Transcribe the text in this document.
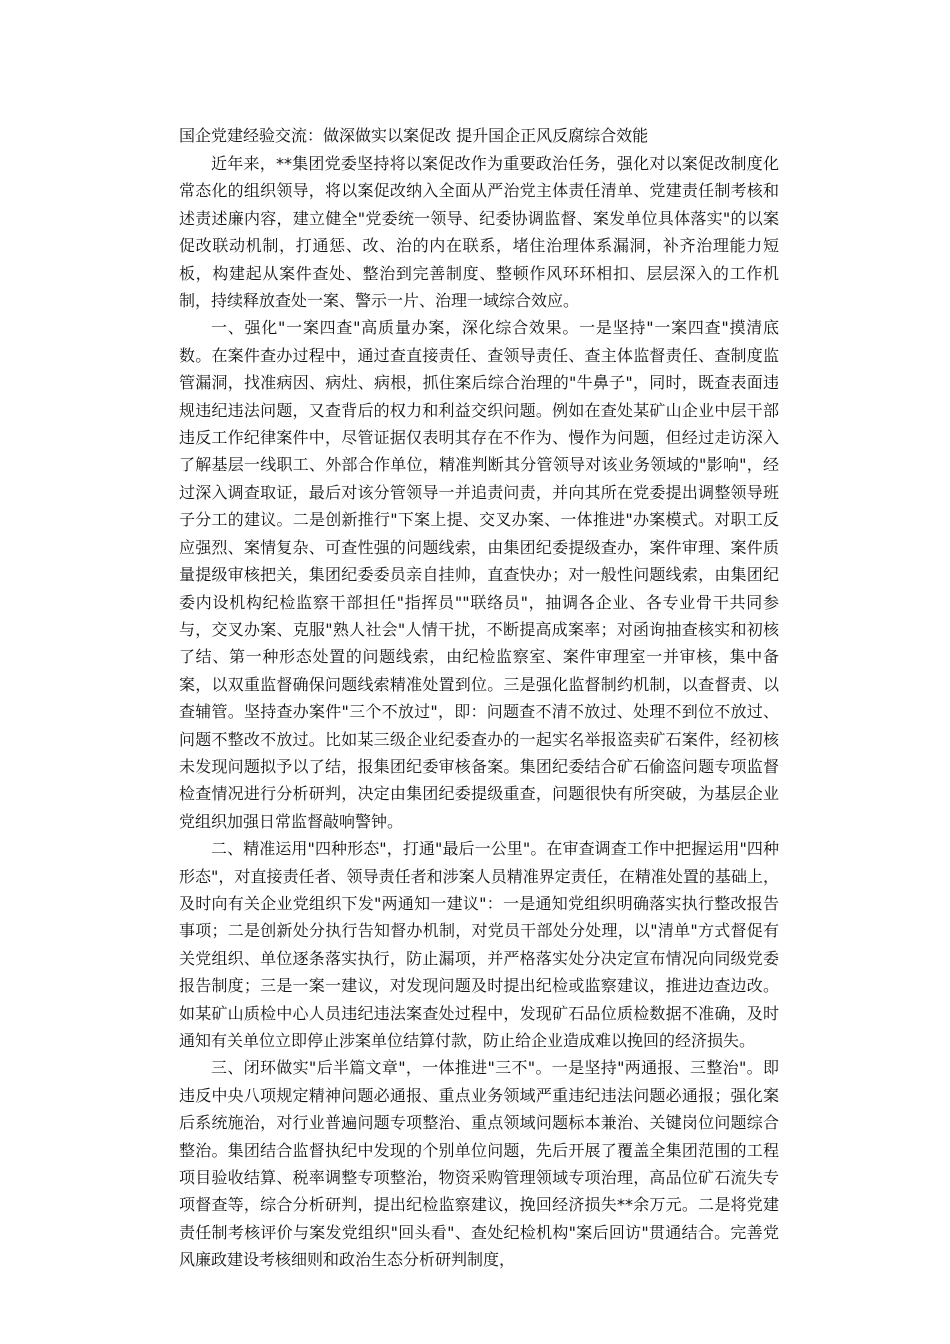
国企党建经验交流：做深做实以案促改 提升国企正风反腐综合效能

近年来，**集团党委坚持将以案促改作为重要政治任务，强化对以案促改制度化常态化的组织领导，将以案促改纳入全面从严治党主体责任清单、党建责任制考核和述责述廉内容，建立健全"党委统一领导、纪委协调监督、案发单位具体落实"的以案促改联动机制，打通惩、改、治的内在联系，堵住治理体系漏洞，补齐治理能力短板，构建起从案件查处、整治到完善制度、整顿作风环环相扣、层层深入的工作机制，持续释放查处一案、警示一片、治理一域综合效应。

一、强化"一案四查"高质量办案，深化综合效果。一是坚持"一案四查"摸清底数。在案件查办过程中，通过查直接责任、查领导责任、查主体监督责任、查制度监管漏洞，找准病因、病灶、病根，抓住案后综合治理的"牛鼻子"，同时，既查表面违规违纪违法问题，又查背后的权力和利益交织问题。例如在查处某矿山企业中层干部违反工作纪律案件中，尽管证据仅表明其存在不作为、慢作为问题，但经过走访深入了解基层一线职工、外部合作单位，精准判断其分管领导对该业务领域的"影响"，经过深入调查取证，最后对该分管领导一并追责问责，并向其所在党委提出调整领导班子分工的建议。二是创新推行"下案上提、交叉办案、一体推进"办案模式。对职工反应强烈、案情复杂、可查性强的问题线索，由集团纪委提级查办，案件审理、案件质量提级审核把关，集团纪委委员亲自挂帅，直查快办；对一般性问题线索，由集团纪委内设机构纪检监察干部担任"指挥员""联络员"，抽调各企业、各专业骨干共同参与，交叉办案、克服"熟人社会"人情干扰，不断提高成案率；对函询抽查核实和初核了结、第一种形态处置的问题线索，由纪检监察室、案件审理室一并审核，集中备案，以双重监督确保问题线索精准处置到位。三是强化监督制约机制，以查督责、以查辅管。坚持查办案件"三个不放过"，即：问题查不清不放过、处理不到位不放过、问题不整改不放过。比如某三级企业纪委查办的一起实名举报盗卖矿石案件，经初核未发现问题拟予以了结，报集团纪委审核备案。集团纪委结合矿石偷盗问题专项监督检查情况进行分析研判，决定由集团纪委提级重查，问题很快有所突破，为基层企业党组织加强日常监督敲响警钟。

二、精准运用"四种形态"，打通"最后一公里"。在审查调查工作中把握运用"四种形态"，对直接责任者、领导责任者和涉案人员精准界定责任，在精准处置的基础上，及时向有关企业党组织下发"两通知一建议"：一是通知党组织明确落实执行整改报告事项；二是创新处分执行告知督办机制，对党员干部处分处理，以"清单"方式督促有关党组织、单位逐条落实执行，防止漏项，并严格落实处分决定宣布情况向同级党委报告制度；三是一案一建议，对发现问题及时提出纪检或监察建议，推进边查边改。如某矿山质检中心人员违纪违法案查处过程中，发现矿石品位质检数据不准确，及时通知有关单位立即停止涉案单位结算付款，防止给企业造成难以挽回的经济损失。

三、闭环做实"后半篇文章"，一体推进"三不"。一是坚持"两通报、三整治"。即违反中央八项规定精神问题必通报、重点业务领域严重违纪违法问题必通报；强化案后系统施治，对行业普遍问题专项整治、重点领域问题标本兼治、关键岗位问题综合整治。集团结合监督执纪中发现的个别单位问题，先后开展了覆盖全集团范围的工程项目验收结算、税率调整专项整治，物资采购管理领域专项治理，高品位矿石流失专项督查等，综合分析研判，提出纪检监察建议，挽回经济损失**余万元。二是将党建责任制考核评价与案发党组织"回头看"、查处纪检机构"案后回访"贯通结合。完善党风廉政建设考核细则和政治生态分析研判制度，
